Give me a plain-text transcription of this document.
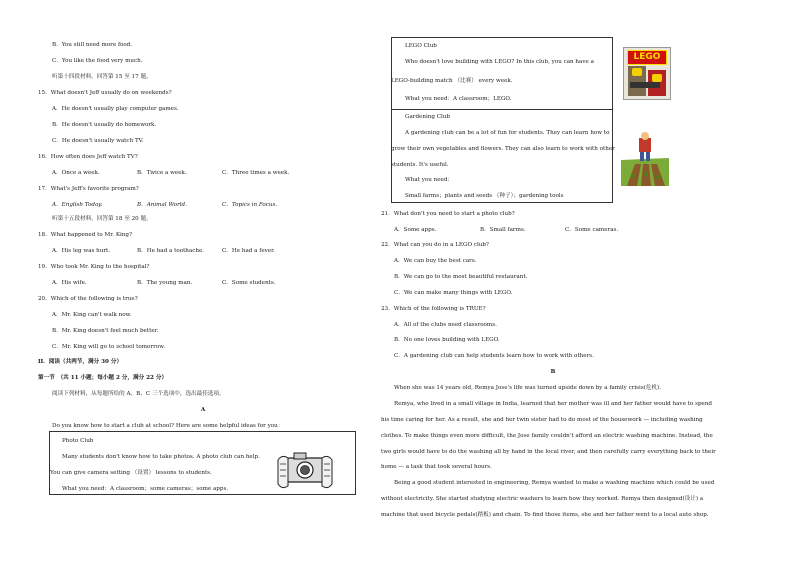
B．You still need more food.
C．You like the food very much.
听第十四段材料，回答第 15 至 17 题。
15．What doesn't Jeff usually do on weekends?
A．He doesn't usually play computer games.
B．He doesn't usually do homework.
C．He doesn't usually watch TV.
16．How often does Jeff watch TV?
A．Once a week.	B．Twice a week.	C．Three times a week.
17．What's Jeff's favorite program?
A．English Today.	B．Animal World.	C．Topics in Focus.
听第十五段材料，回答第 18 至 20 题。
18．What happened to Mr. King?
A．His leg was hurt.	B．He had a toothache.	C．He had a fever.
19．Who took Mr. King to the hospital?
A．His wife.	B．The young man.	C．Some students.
20．Which of the following is true?
A．Mr. King can't walk now.
B．Mr. King doesn't feel much better.
C．Mr. King will go to school tomorrow.
II．阅读（共两节，满分 30 分）
第一节　（共 11 小题；每小题 2 分，满分 22 分）
阅读下列材料，从每题所给的 A、B、C 三个选项中，选出最佳选项。
A
Do you know how to start a club at school? Here are some helpful ideas for you：
Photo Club
Many students don't know how to take photos. A photo club can help.
You can give camera setting （设置） lessons to students.
What you need：A classroom；some cameras；some apps.
LEGO Club
Who doesn't love building with LEGO? In this club, you can have a
LEGO-building match （比赛） every week.
What you need：A classroom；LEGO.
LEGO
Gardening Club
A gardening club can be a lot of fun for students. They can learn how to
grow their own vegetables and flowers. They can also learn to work with other
students. It's useful.
What you need：
Small farms；plants and seeds （种子）；gardening tools
21．What don't you need to start a photo club?
A．Some apps.	B．Small farms.	C．Some cameras.
22．What can you do in a LEGO club?
A．We can buy the best cars.
B．We can go to the most beautiful restaurant.
C．We can make many things with LEGO.
23．Which of the following is TRUE?
A．All of the clubs need classrooms.
B．No one loves building with LEGO.
C．A gardening club can help students learn how to work with others.
B
When she was 14 years old, Remya Jose's life was turned upside down by a family crisis(危机).
Remya, who lived in a small village in India, learned that her mother was ill and her father would have to spend
his time caring for her. As a result, she and her twin sister had to do most of the housework — including washing
clothes. To make things even more difficult, the Jose family couldn't afford an electric washing machine. Instead, the
two girls would have to do the washing all by hand in the local river, and then carefully carry everything back to their
home — a task that took several hours.
Being a good student interested in engineering, Remya wanted to make a washing machine which could be used
without electricity. She started studying electric washers to learn how they worked. Remya then designed(设计) a
machine that used bicycle pedals(踏板) and chain. To find those items, she and her father went to a local auto shop.
